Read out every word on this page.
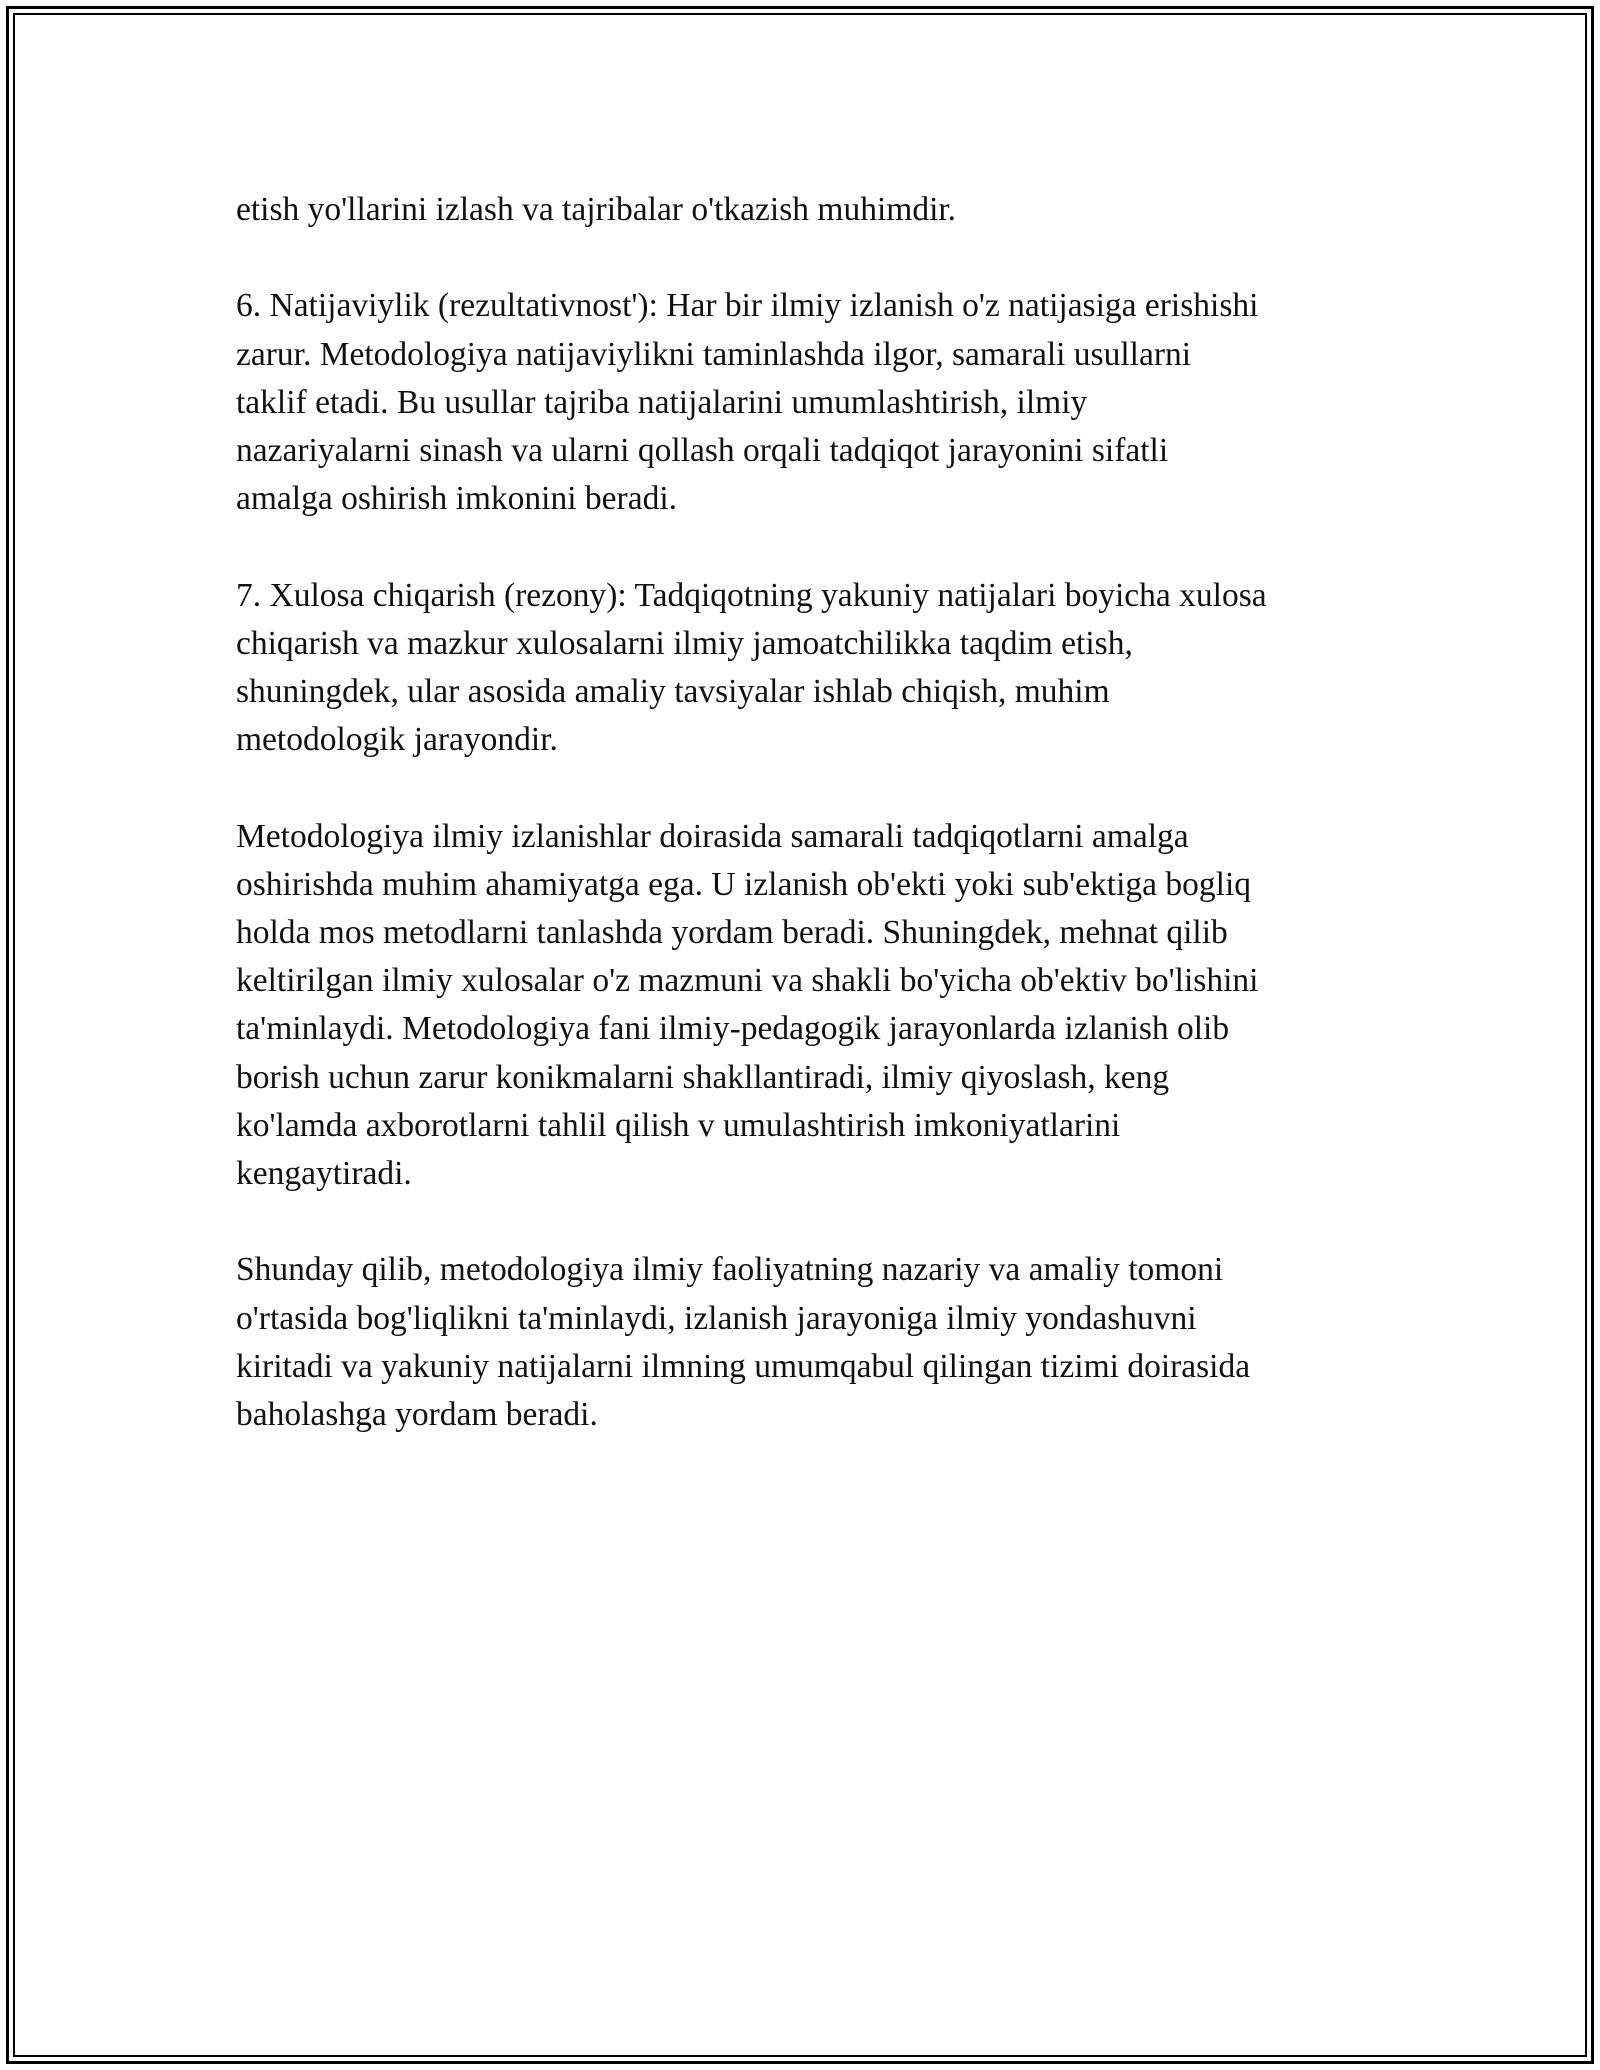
etish yo'llarini izlash va tajribalar o'tkazish muhimdir.

6. Natijaviylik (rezultativnost'): Har bir ilmiy izlanish o'z natijasiga erishishi
zarur. Metodologiya natijaviylikni taminlashda ilgor, samarali usullarni
taklif etadi. Bu usullar tajriba natijalarini umumlashtirish, ilmiy
nazariyalarni sinash va ularni qollash orqali tadqiqot jarayonini sifatli
amalga oshirish imkonini beradi.

7. Xulosa chiqarish (rezony): Tadqiqotning yakuniy natijalari boyicha xulosa
chiqarish va mazkur xulosalarni ilmiy jamoatchilikka taqdim etish,
shuningdek, ular asosida amaliy tavsiyalar ishlab chiqish, muhim
metodologik jarayondir.

Metodologiya ilmiy izlanishlar doirasida samarali tadqiqotlarni amalga
oshirishda muhim ahamiyatga ega. U izlanish ob'ekti yoki sub'ektiga bogliq
holda mos metodlarni tanlashda yordam beradi. Shuningdek, mehnat qilib
keltirilgan ilmiy xulosalar o'z mazmuni va shakli bo'yicha ob'ektiv bo'lishini
ta'minlaydi. Metodologiya fani ilmiy-pedagogik jarayonlarda izlanish olib
borish uchun zarur konikmalarni shakllantiradi, ilmiy qiyoslash, keng
ko'lamda axborotlarni tahlil qilish v umulashtirish imkoniyatlarini
kengaytiradi.

Shunday qilib, metodologiya ilmiy faoliyatning nazariy va amaliy tomoni
o'rtasida bog'liqlikni ta'minlaydi, izlanish jarayoniga ilmiy yondashuvni
kiritadi va yakuniy natijalarni ilmning umumqabul qilingan tizimi doirasida
baholashga yordam beradi.
